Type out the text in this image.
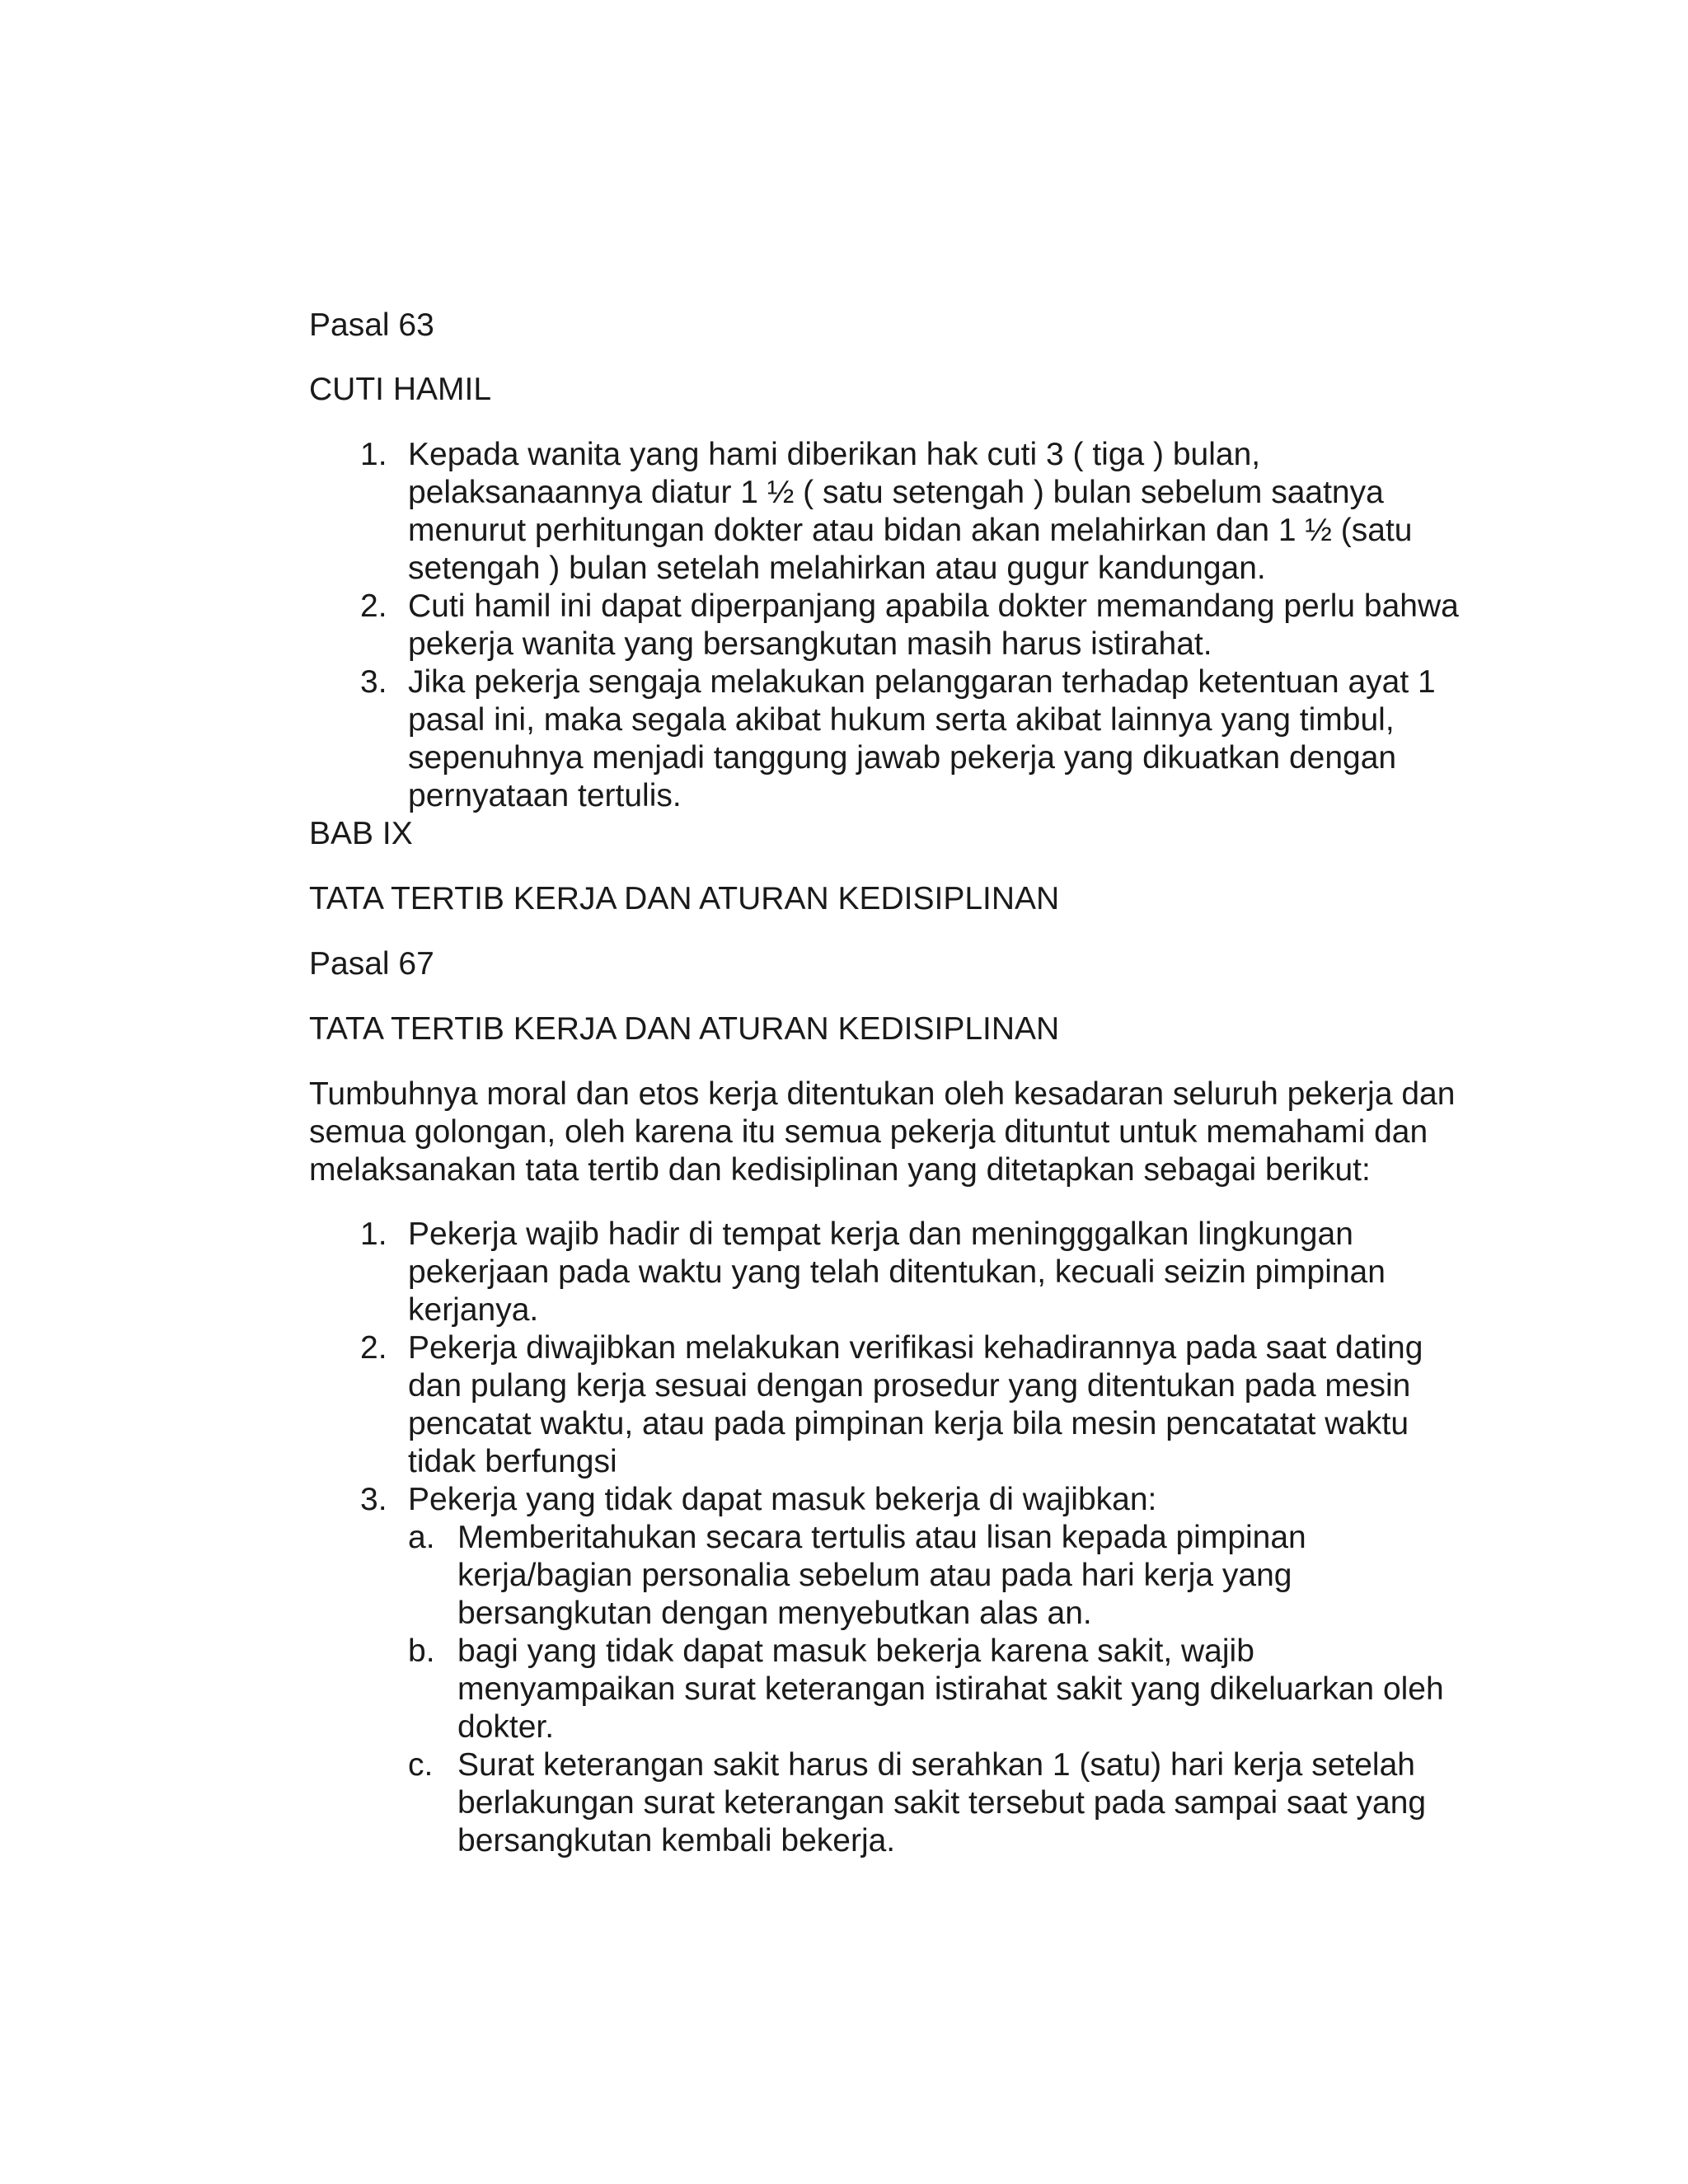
Pasal 63

CUTI HAMIL

1. Kepada wanita yang hami diberikan hak cuti 3 ( tiga ) bulan, pelaksanaannya diatur 1 ½ ( satu setengah ) bulan sebelum saatnya menurut perhitungan dokter atau bidan akan melahirkan dan 1 ½ (satu setengah ) bulan setelah melahirkan atau gugur kandungan.
2. Cuti hamil ini dapat diperpanjang apabila dokter memandang perlu bahwa pekerja wanita yang bersangkutan masih harus istirahat.
3. Jika pekerja sengaja melakukan pelanggaran terhadap ketentuan ayat 1 pasal ini, maka segala akibat hukum serta akibat lainnya yang timbul, sepenuhnya menjadi tanggung jawab pekerja yang dikuatkan dengan pernyataan tertulis.

BAB IX

TATA TERTIB KERJA DAN ATURAN KEDISIPLINAN

Pasal 67

TATA TERTIB KERJA DAN ATURAN KEDISIPLINAN

Tumbuhnya moral dan etos kerja ditentukan oleh kesadaran seluruh pekerja dan semua golongan, oleh karena itu semua pekerja dituntut untuk memahami dan melaksanakan tata tertib dan kedisiplinan yang ditetapkan sebagai berikut:

1. Pekerja wajib hadir di tempat kerja dan meningggalkan lingkungan pekerjaan pada waktu yang telah ditentukan, kecuali seizin pimpinan kerjanya.
2. Pekerja diwajibkan melakukan verifikasi kehadirannya pada saat dating dan pulang kerja sesuai dengan prosedur yang ditentukan pada mesin pencatat waktu, atau pada pimpinan kerja bila mesin pencatatat waktu tidak berfungsi
3. Pekerja yang tidak dapat masuk bekerja di wajibkan:
a. Memberitahukan secara tertulis atau lisan kepada pimpinan kerja/bagian personalia sebelum atau pada hari kerja yang bersangkutan dengan menyebutkan alas an.
b. bagi yang tidak dapat masuk bekerja karena sakit, wajib menyampaikan surat keterangan istirahat sakit yang dikeluarkan oleh dokter.
c. Surat keterangan sakit harus di serahkan 1 (satu) hari kerja setelah berlakungan surat keterangan sakit tersebut pada sampai saat yang bersangkutan kembali bekerja.
